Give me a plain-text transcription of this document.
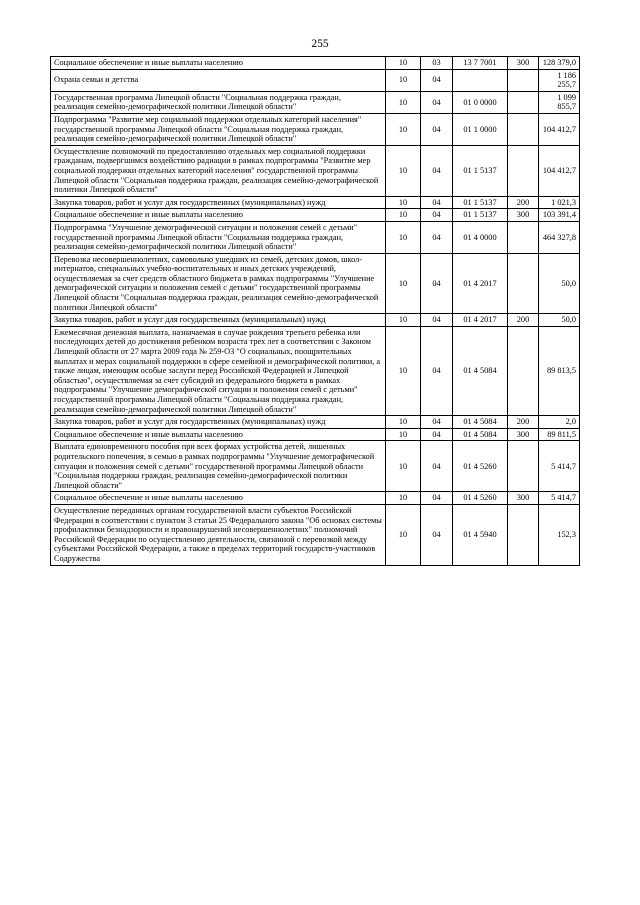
255
Социальное обеспечение и иные выплаты населению	10	03	13 7 7001	300	128 379,0
Охрана семьи и детства	10	04			1 186 255,7
Государственная программа Липецкой области "Социальная поддержка граждан, реализация семейно-демографической политики Липецкой области"	10	04	01 0 0000		1 099 855,7
Подпрограмма "Развитие мер социальной поддержки отдельных категорий населения" государственной программы Липецкой области "Социальная поддержка граждан, реализация семейно-демографической политики Липецкой области"	10	04	01 1 0000		104 412,7
Осуществление полномочий по предоставлению отдельных мер социальной поддержки гражданам, подвергшимся воздействию радиации в рамках подпрограммы "Развитие мер социальной поддержки отдельных категорий населения" государственной программы Липецкой области "Социальная поддержка граждан, реализация семейно-демографической политики Липецкой области"	10	04	01 1 5137		104 412,7
Закупка товаров, работ и услуг для государственных (муниципальных) нужд	10	04	01 1 5137	200	1 021,3
Социальное обеспечение и иные выплаты населению	10	04	01 1 5137	300	103 391,4
Подпрограмма "Улучшение демографической ситуации и положения семей с детьми" государственной программы Липецкой области "Социальная поддержка граждан, реализация семейно-демографической политики Липецкой области"	10	04	01 4 0000		464 327,8
Перевозка несовершеннолетних, самовольно ушедших из семей, детских домов, школ-интернатов, специальных учебно-воспитательных и иных детских учреждений, осуществляемая за счет средств областного бюджета в рамках подпрограммы "Улучшение демографической ситуации и положения семей с детьми" государственной программы Липецкой области "Социальная поддержка граждан, реализация семейно-демографической политики Липецкой области"	10	04	01 4 2017		50,0
Закупка товаров, работ и услуг для государственных (муниципальных) нужд	10	04	01 4 2017	200	50,0
Ежемесячная денежная выплата, назначаемая в случае рождения третьего ребенка или последующих детей до достижения ребенком возраста трех лет в соответствии с Законом Липецкой области от 27 марта 2009 года № 259-ОЗ "О социальных, поощрительных выплатах и мерах социальной поддержки в сфере семейной и демографической политики, а также лицам, имеющим особые заслуги перед Российской Федерацией и Липецкой областью", осуществляемая за счет субсидий из федерального бюджета в рамках подпрограммы "Улучшение демографической ситуации и положения семей с детьми" государственной программы Липецкой области "Социальная поддержка граждан, реализация семейно-демографической политики Липецкой области"	10	04	01 4 5084		89 813,5
Закупка товаров, работ и услуг для государственных (муниципальных) нужд	10	04	01 4 5084	200	2,0
Социальное обеспечение и иные выплаты населению	10	04	01 4 5084	300	89 811,5
Выплата единовременного пособия при всех формах устройства детей, лишенных родительского попечения, в семью в рамках подпрограммы "Улучшение демографической ситуации и положения семей с детьми" государственной программы Липецкой области "Социальная поддержка граждан, реализация семейно-демографической политики Липецкой области"	10	04	01 4 5260		5 414,7
Социальное обеспечение и иные выплаты населению	10	04	01 4 5260	300	5 414,7
Осуществление переданных органам государственной власти субъектов Российской Федерации в соответствии с пунктом 3 статьи 25 Федерального закона "Об основах системы профилактики безнадзорности и правонарушений несовершеннолетних" полномочий Российской Федерации по осуществлению деятельности, связанной с перевозкой между субъектами Российской Федерации, а также в пределах территорий государств-участников Содружества	10	04	01 4 5940		152,3
